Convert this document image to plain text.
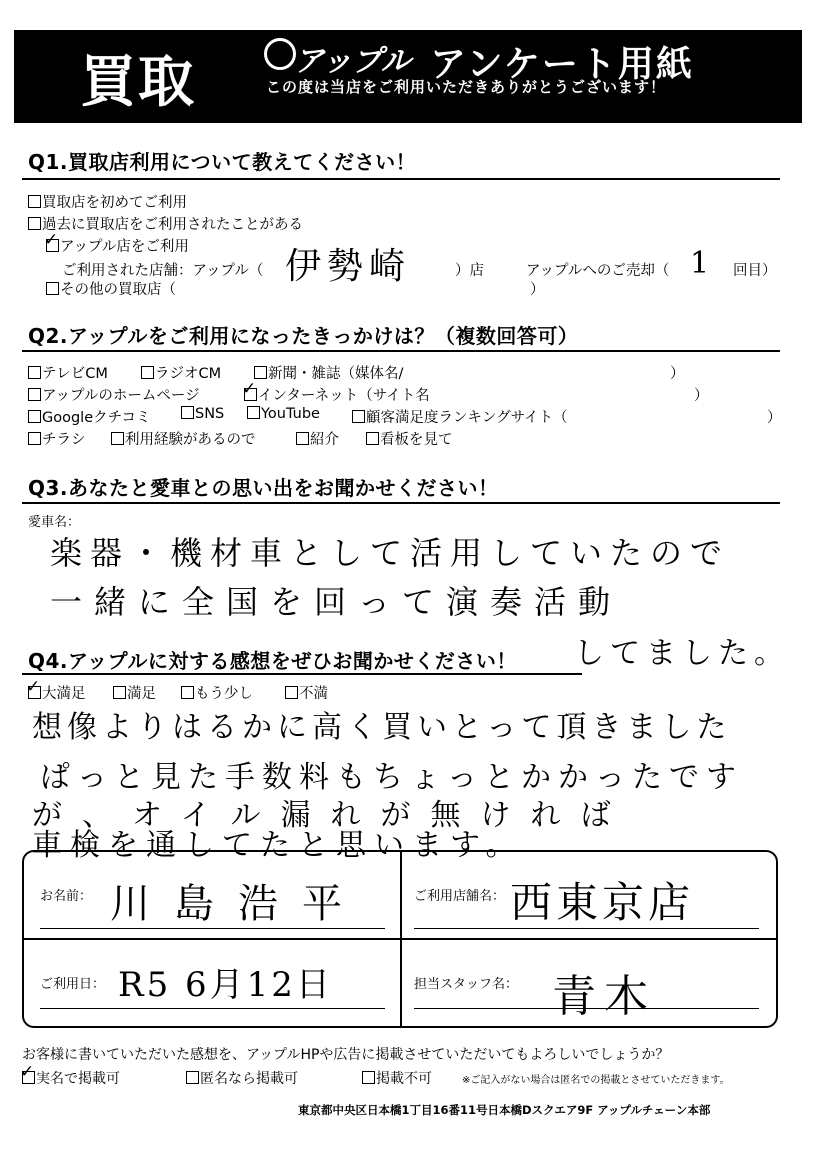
買取	アップル アンケート用紙
この度は当店をご利用いただきありがとうございます！
Q1.買取店利用について教えてください！
買取店を初めてご利用
過去に買取店をご利用されたことがある
✓アップル店をご利用
ご利用された店舗：アップル（ 伊勢崎	）店	アップルへのご売却（ 1 回目）
その他の買取店（	）
Q2.アップルをご利用になったきっかけは？（複数回答可）
テレビCM	ラジオCM	新聞・雑誌（媒体名/	）
アップルのホームページ
✓	インターネット（サイト名	）
Googleクチコミ	SNS	YouTube	顧客満足度ランキングサイト（	）
チラシ	利用経験があるので	紹介	看板を見て
Q3.あなたと愛車との思い出をお聞かせください！
愛車名：
楽器・機材車として活用していたので
一緒に全国を回って演奏活動
してました。
Q4.アップルに対する感想をぜひお聞かせください！
✓大満足	満足	もう少し	不満
想像よりはるかに高く買いとって頂きました
ぱっと見た手数料もちょっとかかったです
が、オイル漏れが無ければ
車検を通してたと思います。
お名前： 川島浩平	ご利用店舗名： 西東京店
ご利用日： R5 6月12日	担当スタッフ名： 青木
お客様に書いていただいた感想を、アップルHPや広告に掲載させていただいてもよろしいでしょうか？
✓実名で掲載可	匿名なら掲載可	掲載不可	※ご記入がない場合は匿名での掲載とさせていただきます。
東京都中央区日本橋1丁目16番11号日本橋Dスクエア9F アップルチェーン本部
